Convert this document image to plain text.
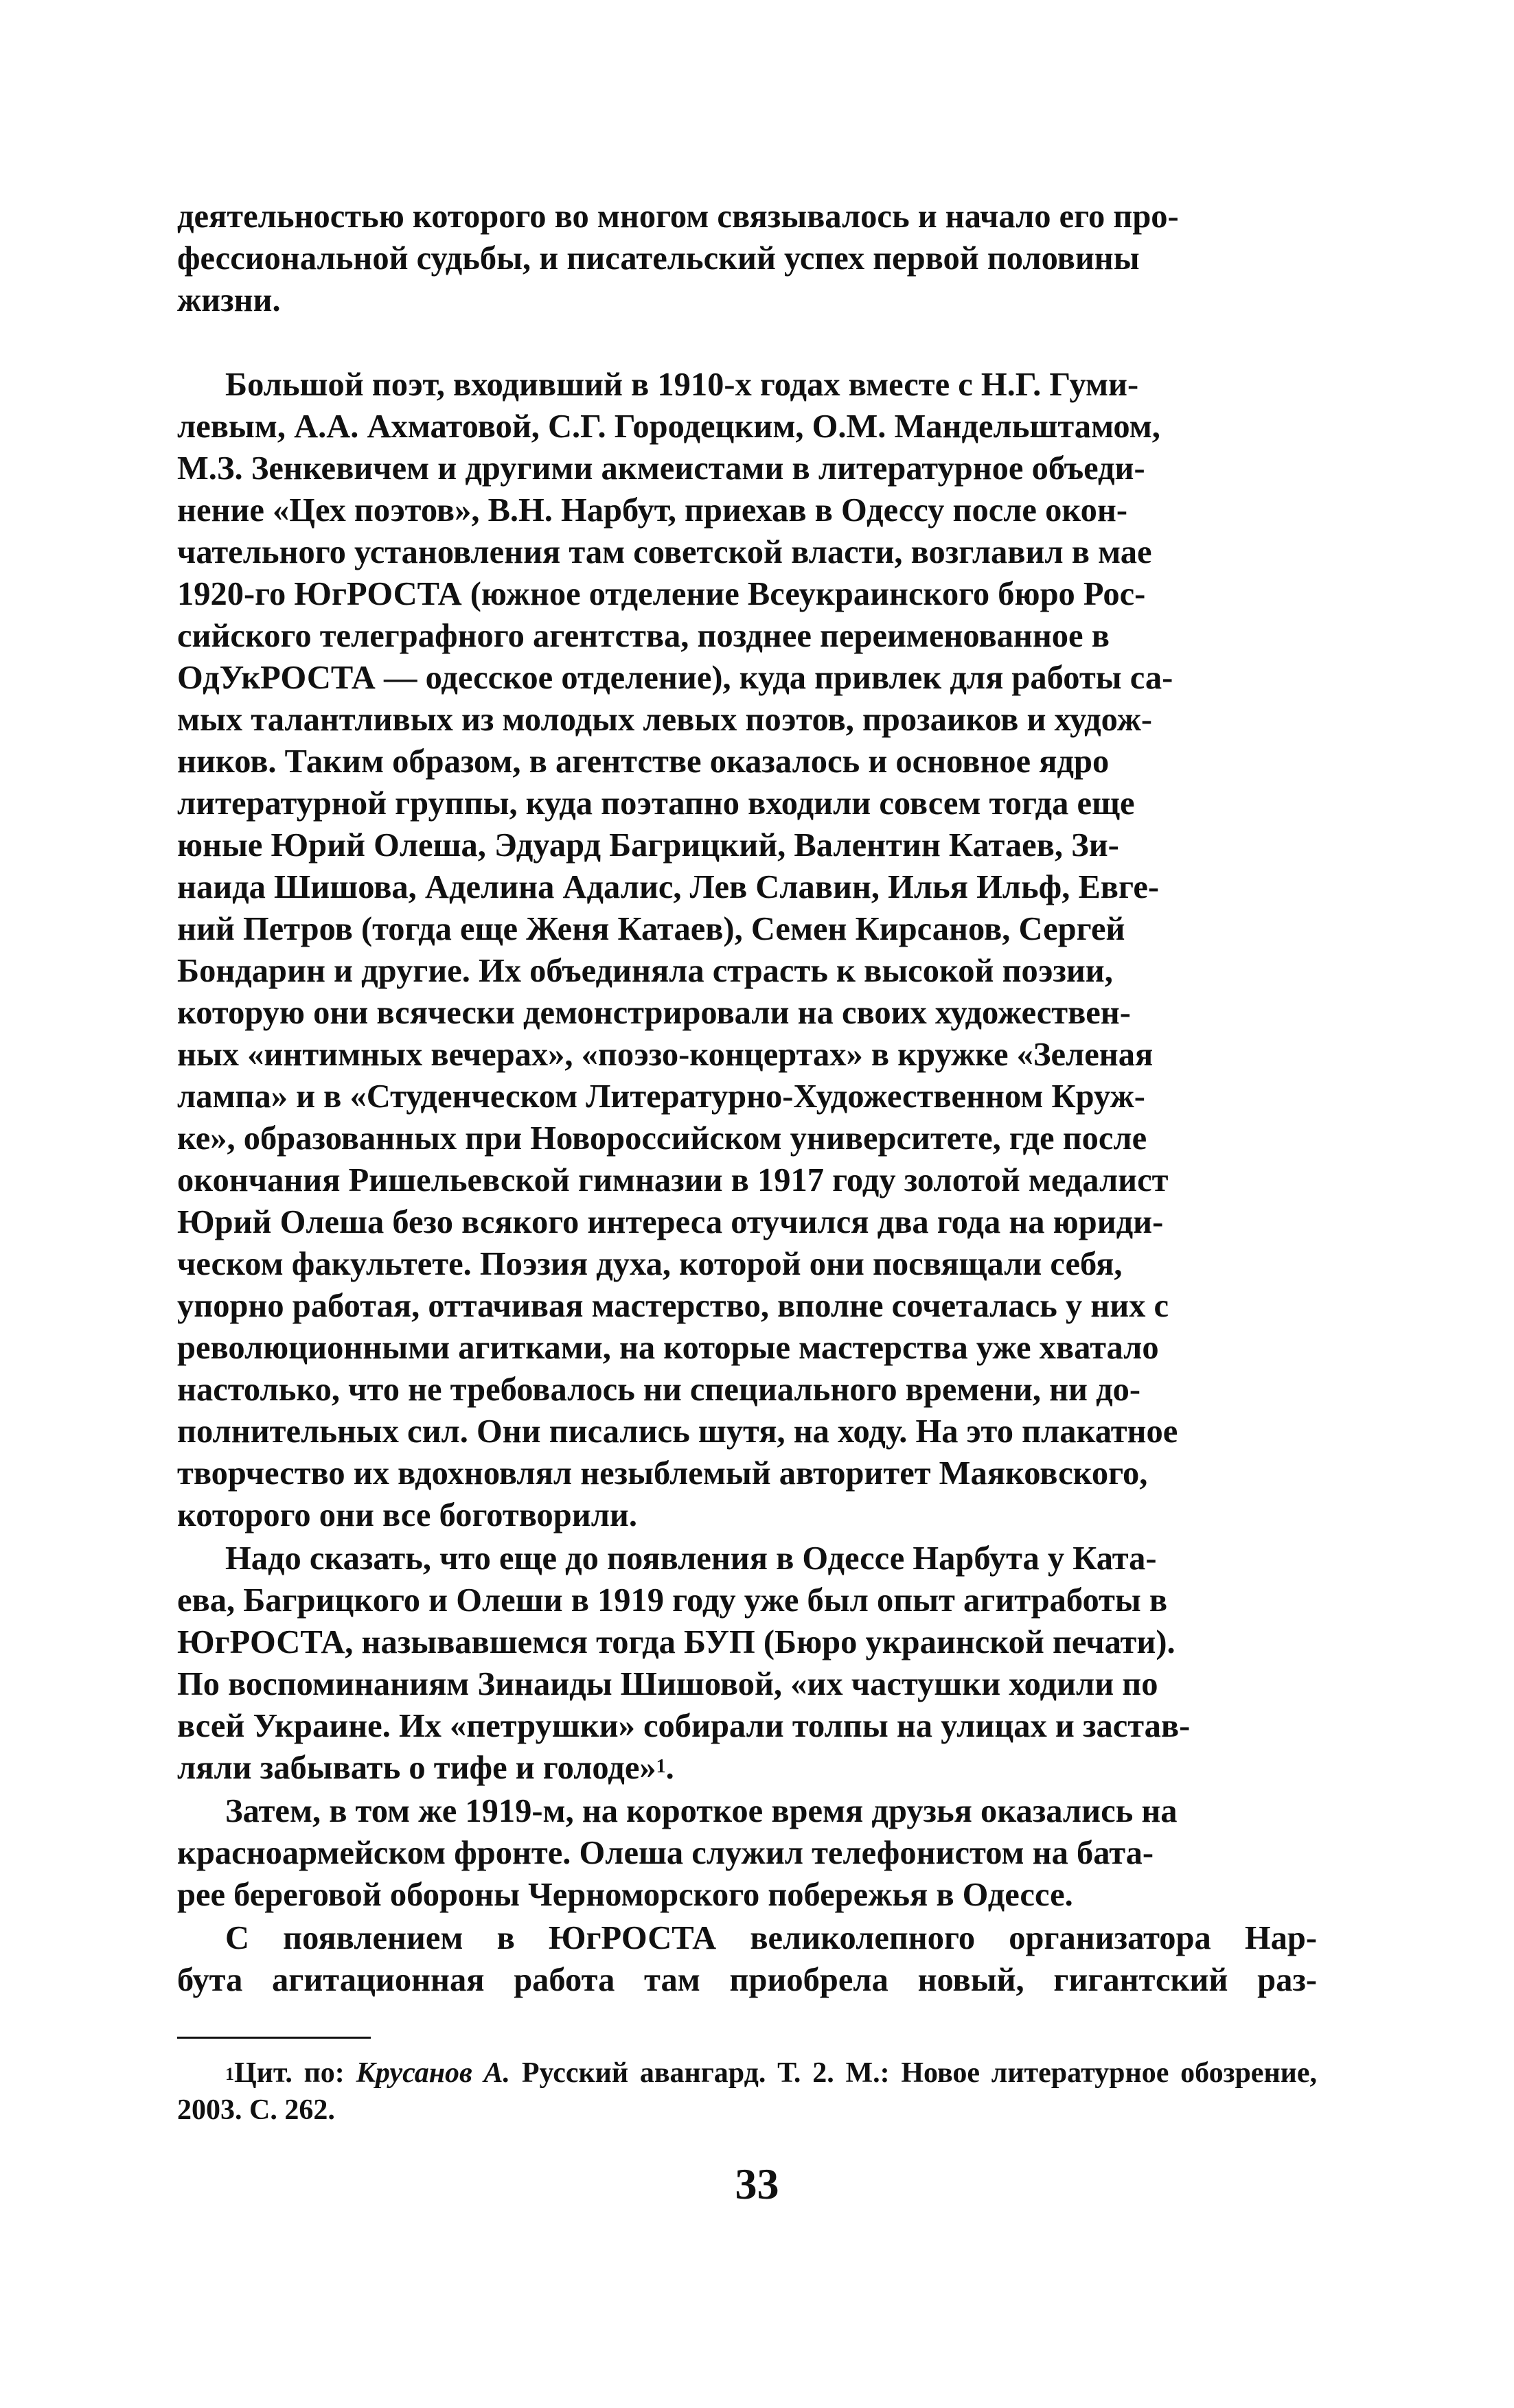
деятельностью которого во многом связывалось и начало его про-
фессиональной судьбы, и писательский успех первой половины
жизни.

Большой поэт, входивший в 1910-х годах вместе с Н.Г. Гуми-
левым, А.А. Ахматовой, С.Г. Городецким, О.М. Мандельштамом,
М.З. Зенкевичем и другими акмеистами в литературное объеди-
нение «Цех поэтов», В.Н. Нарбут, приехав в Одессу после окон-
чательного установления там советской власти, возглавил в мае
1920-го ЮгРОСТА (южное отделение Всеукраинского бюро Рос-
сийского телеграфного агентства, позднее переименованное в
ОдУкРОСТА — одесское отделение), куда привлек для работы са-
мых талантливых из молодых левых поэтов, прозаиков и худож-
ников. Таким образом, в агентстве оказалось и основное ядро
литературной группы, куда поэтапно входили совсем тогда еще
юные Юрий Олеша, Эдуард Багрицкий, Валентин Катаев, Зи-
наида Шишова, Аделина Адалис, Лев Славин, Илья Ильф, Евге-
ний Петров (тогда еще Женя Катаев), Семен Кирсанов, Сергей
Бондарин и другие. Их объединяла страсть к высокой поэзии,
которую они всячески демонстрировали на своих художествен-
ных «интимных вечерах», «поэзо-концертах» в кружке «Зеленая
лампа» и в «Студенческом Литературно-Художественном Круж-
ке», образованных при Новороссийском университете, где после
окончания Ришельевской гимназии в 1917 году золотой медалист
Юрий Олеша безо всякого интереса отучился два года на юриди-
ческом факультете. Поэзия духа, которой они посвящали себя,
упорно работая, оттачивая мастерство, вполне сочеталась у них с
революционными агитками, на которые мастерства уже хватало
настолько, что не требовалось ни специального времени, ни до-
полнительных сил. Они писались шутя, на ходу. На это плакатное
творчество их вдохновлял незыблемый авторитет Маяковского,
которого они все боготворили.

Надо сказать, что еще до появления в Одессе Нарбута у Ката-
ева, Багрицкого и Олеши в 1919 году уже был опыт агитработы в
ЮгРОСТА, называвшемся тогда БУП (Бюро украинской печати).
По воспоминаниям Зинаиды Шишовой, «их частушки ходили по
всей Украине. Их «петрушки» собирали толпы на улицах и застав-
ляли забывать о тифе и голоде»$^1$.

Затем, в том же 1919-м, на короткое время друзья оказались на
красноармейском фронте. Олеша служил телефонистом на бата-
рее береговой обороны Черноморского побережья в Одессе.

С появлением в ЮгРОСТА великолепного организатора Нар-
бута агитационная работа там приобрела новый, гигантский раз-

$^1$Цит. по: Крусанов А. Русский авангард. Т. 2. М.: Новое литературное обозрение, 2003. С. 262.

33
